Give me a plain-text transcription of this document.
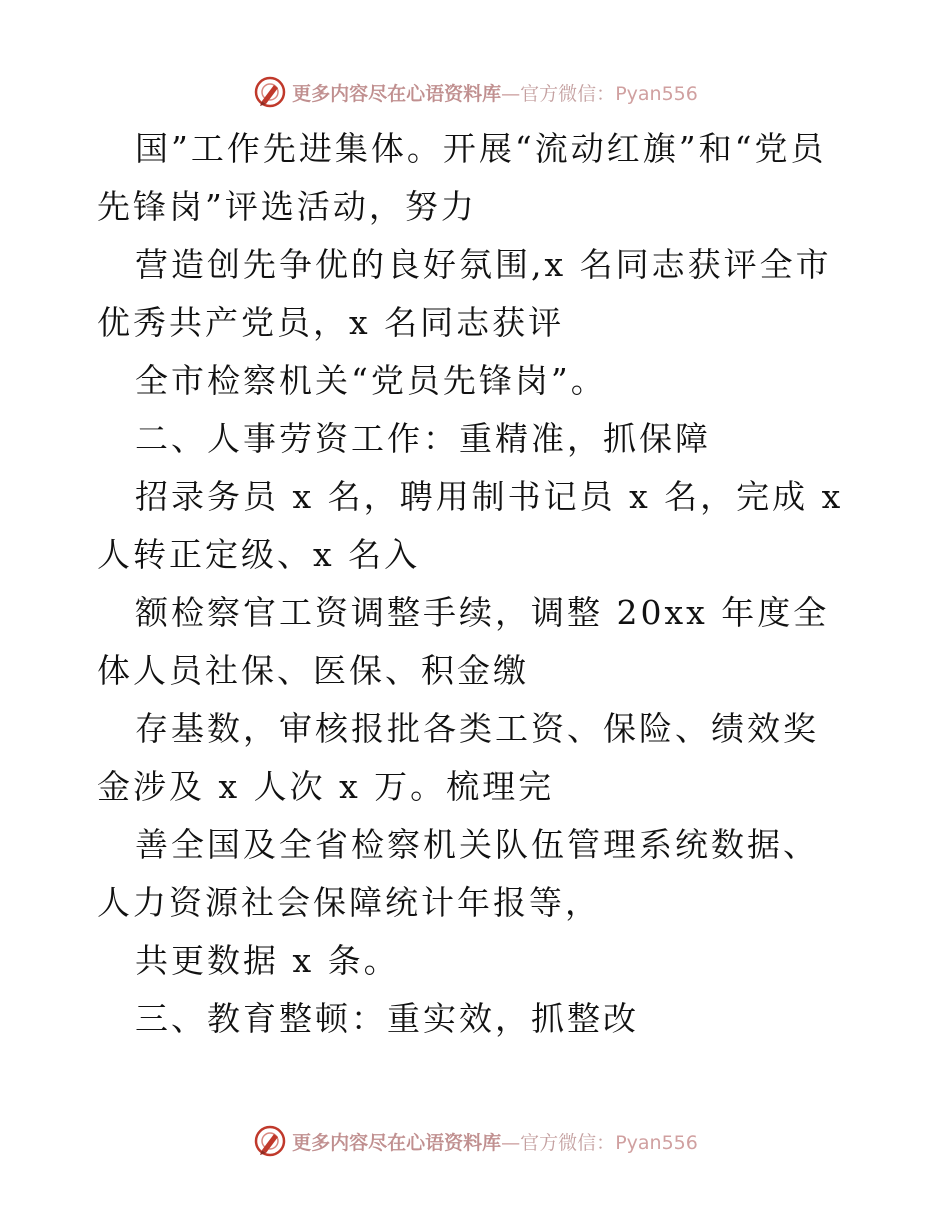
更多内容尽在心语资料库—官方微信：Pyan556

国”工作先进集体。开展“流动红旗”和“党员先锋岗”评选活动，努力

营造创先争优的良好氛围,x 名同志获评全市优秀共产党员，x 名同志获评

全市检察机关“党员先锋岗”。

二、人事劳资工作：重精准，抓保障

招录务员 x 名，聘用制书记员 x 名，完成 x 人转正定级、x 名入

额检察官工资调整手续，调整 20xx 年度全体人员社保、医保、积金缴

存基数，审核报批各类工资、保险、绩效奖金涉及 x 人次 x 万。梳理完

善全国及全省检察机关队伍管理系统数据、人力资源社会保障统计年报等，

共更数据 x 条。

三、教育整顿：重实效，抓整改

更多内容尽在心语资料库—官方微信：Pyan556
